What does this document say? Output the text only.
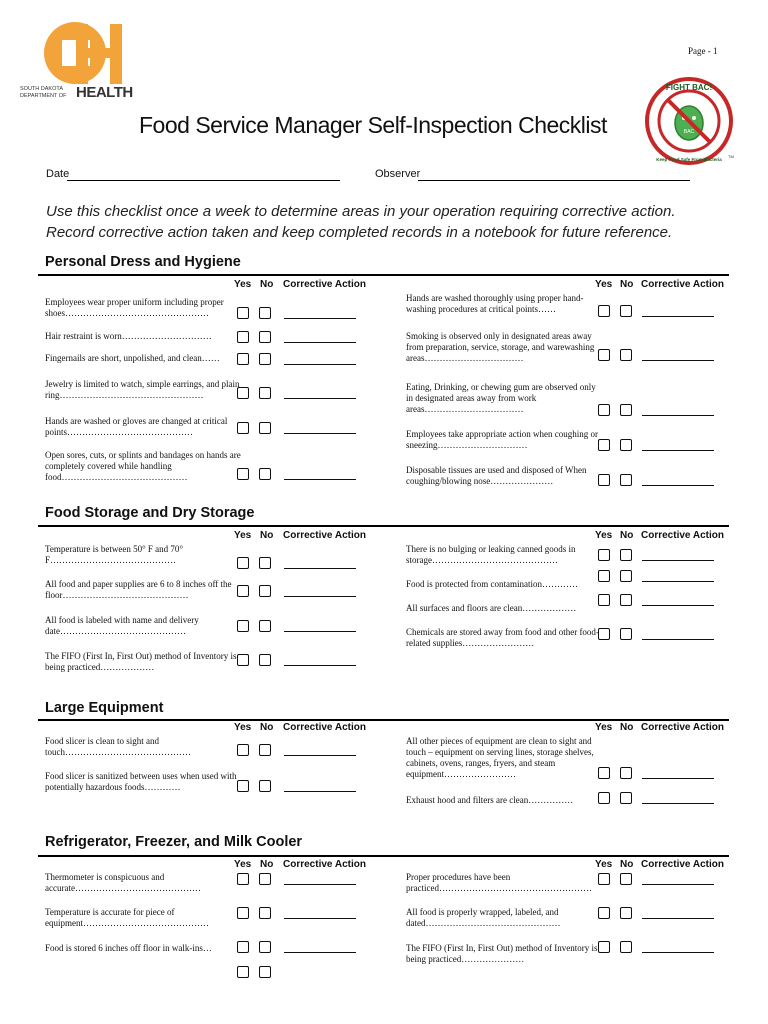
SOUTH DAKOTA DEPARTMENT OF HEALTH
Page - 1
BAC
FIGHT BAC!
Keep Food Safe From Bacteria
TM
Food Service Manager Self-Inspection Checklist
Date	Observer
Use this checklist once a week to determine areas in your operation requiring corrective action. Record corrective action taken and keep completed records in a notebook for future reference.
Personal Dress and Hygiene
Yes No Corrective Action	Yes No Corrective Action
Employees wear proper uniform including proper shoes…………………………………………
Hair restraint is worn…………………………
Fingernails are short, unpolished, and clean……
Jewelry is limited to watch, simple earrings, and plain ring…………………………………………
Hands are washed or gloves are changed at critical points……………………………………
Open sores, cuts, or splints and bandages on hands are completely covered while handling food……………………………………
Hands are washed thoroughly using proper hand-washing procedures at critical points……
Smoking is observed only in designated areas away from preparation, service, storage, and warewashing areas……………………………
Eating, Drinking, or chewing gum are observed only in designated areas away from work areas……………………………
Employees take appropriate action when coughing or sneezing…………………………
Disposable tissues are used and disposed of When coughing/blowing nose…………………
Food Storage and Dry Storage
Yes No Corrective Action	Yes No Corrective Action
Temperature is between 50° F and 70° F……………………………………
All food and paper supplies are 6 to 8 inches off the floor……………………………………
All food is labeled with name and delivery date……………………………………
The FIFO (First In, First Out) method of Inventory is being practiced………………
There is no bulging or leaking canned goods in storage……………………………………
Food is protected from contamination…………
All surfaces and floors are clean………………
Chemicals are stored away from food and other food-related supplies……………………
Large Equipment
Yes No Corrective Action	Yes No Corrective Action
Food slicer is clean to sight and touch……………………………………
Food slicer is sanitized between uses when used with potentially hazardous foods…………
All other pieces of equipment are clean to sight and touch – equipment on serving lines, storage shelves, cabinets, ovens, ranges, fryers, and steam equipment……………………
Exhaust hood and filters are clean……………
Refrigerator, Freezer, and Milk Cooler
Yes No Corrective Action	Yes No Corrective Action
Thermometer is conspicuous and accurate……………………………………
Temperature is accurate for piece of equipment……………………………………
Food is stored 6 inches off floor in walk-ins…
Proper procedures have been practiced……………………………………………
All food is properly wrapped, labeled, and dated………………………………………
The FIFO (First In, First Out) method of Inventory is being practiced…………………
